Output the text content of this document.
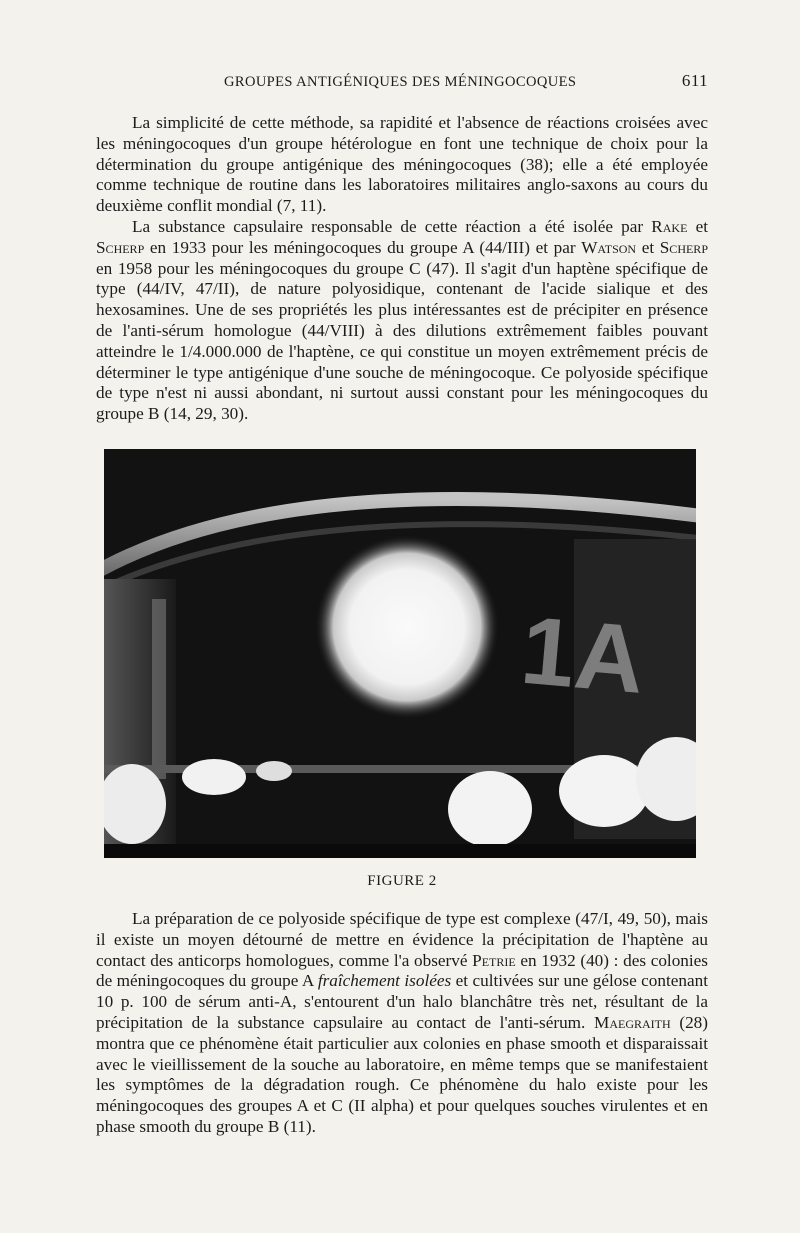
GROUPES ANTIGÉNIQUES DES MÉNINGOCOQUES	611

La simplicité de cette méthode, sa rapidité et l'absence de réactions croisées avec les méningocoques d'un groupe hétérologue en font une technique de choix pour la détermination du groupe antigénique des méningocoques (38); elle a été employée comme technique de routine dans les laboratoires militaires anglo-saxons au cours du deuxième conflit mondial (7, 11).

La substance capsulaire responsable de cette réaction a été isolée par Rake et Scherp en 1933 pour les méningocoques du groupe A (44/III) et par Watson et Scherp en 1958 pour les méningocoques du groupe C (47). Il s'agit d'un haptène spécifique de type (44/IV, 47/II), de nature polyosidique, contenant de l'acide sialique et des hexosamines. Une de ses propriétés les plus intéressantes est de précipiter en présence de l'anti-sérum homologue (44/VIII) à des dilutions extrêmement faibles pouvant atteindre le 1/4.000.000 de l'haptène, ce qui constitue un moyen extrêmement précis de déterminer le type antigénique d'une souche de méningocoque. Ce polyoside spécifique de type n'est ni aussi abondant, ni surtout aussi constant pour les méningocoques du groupe B (14, 29, 30).

1A
FIGURE 2

La préparation de ce polyoside spécifique de type est complexe (47/I, 49, 50), mais il existe un moyen détourné de mettre en évidence la précipitation de l'haptène au contact des anticorps homologues, comme l'a observé Petrie en 1932 (40) : des colonies de méningocoques du groupe A fraîchement isolées et cultivées sur une gélose contenant 10 p. 100 de sérum anti-A, s'entourent d'un halo blanchâtre très net, résultant de la précipitation de la substance capsulaire au contact de l'anti-sérum. Maegraith (28) montra que ce phénomène était particulier aux colonies en phase smooth et disparaissait avec le vieillissement de la souche au laboratoire, en même temps que se manifestaient les symptômes de la dégradation rough. Ce phénomène du halo existe pour les méningocoques des groupes A et C (II alpha) et pour quelques souches virulentes et en phase smooth du groupe B (11).
